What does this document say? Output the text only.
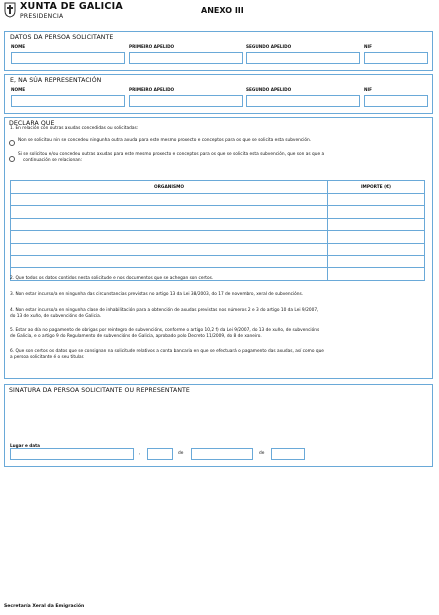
XUNTA DE GALICIA
PRESIDENCIA
ANEXO III
DATOS DA PERSOA SOLICITANTE
NOME	PRIMEIRO APELIDO	SEGUNDO APELIDO	NIF
E, NA SÚA REPRESENTACIÓN
NOME	PRIMEIRO APELIDO	SEGUNDO APELIDO	NIF
DECLARA QUE
1. En relación con outras axudas concedidas ou solicitadas:
Non se solicitou nin se concedeu ningunha outra axuda para este mesmo proxecto e conceptos para os que se solicita esta subvención.
Si se solicitou e/ou concedeu outras axudas para este mesmo proxecto e conceptos para os que se solicita esta subvención, que son as que a
continuación se relacionan:
ORGANISMO	IMPORTE (€)

2. Que todos os datos contidos nesta solicitude e nos documentos que se achegan son certos.
3. Non estar incurso/a en ningunha das circunstancias previstas no artigo 13 da Lei 38/2003, do 17 de novembro, xeral de subvencións.
4. Non estar incurso/a en ningunha clase de inhabilitación para a obtención de axudas previstas nos números 2 e 3 do artigo 10 da Lei 9/2007,
do 13 de xuño, de subvencións de Galicia.
5. Estar ao día no pagamento de obrigas por reintegro de subvencións, conforme o artigo 10,2 f) da Lei 9/2007, do 13 de xuño, de subvencións
de Galicia, e o artigo 9 do Regulamento de subvencións de Galicia, aprobado polo Decreto 11/2009, do 8 de xaneiro.
6. Que son certos os datos que se consignan na solicitude relativos a conta bancaria en que se efectuará o pagamento das axudas, así como que
a persoa solicitante é o seu titular.
SINATURA DA PERSOA SOLICITANTE OU REPRESENTANTE
Lugar e data
,	de	de
Secretaría Xeral da Emigración
